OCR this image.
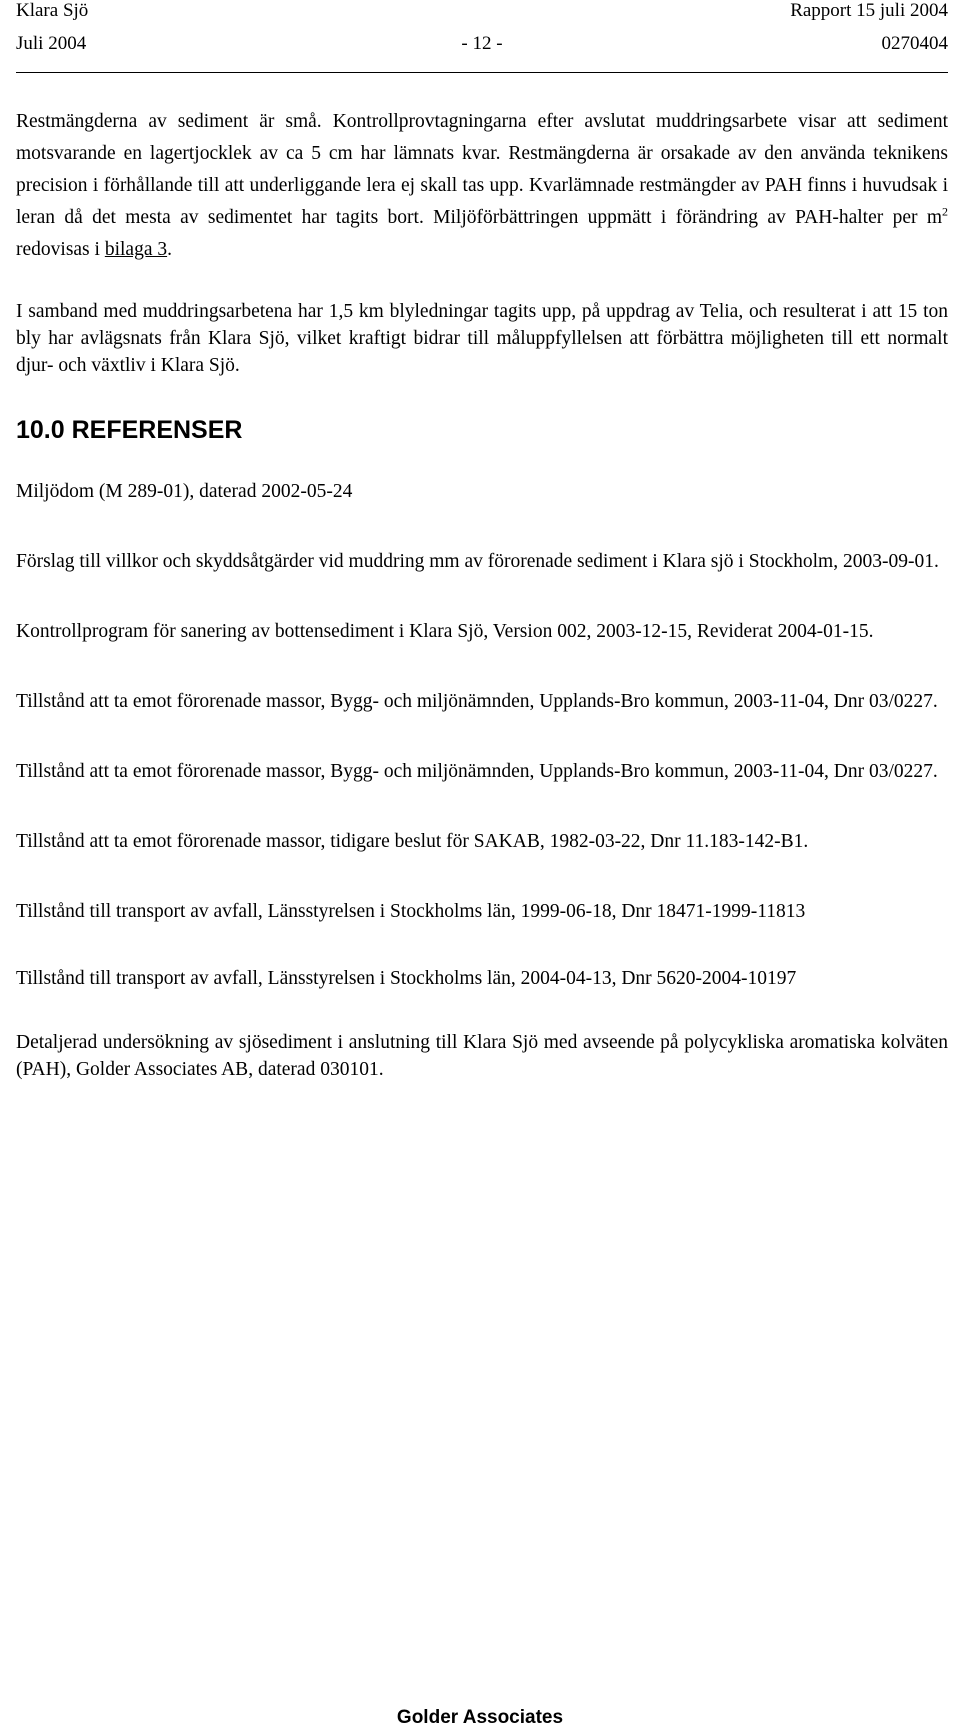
Klara Sjö	Rapport 15 juli 2004
Juli 2004	- 12 -	0270404

Restmängderna av sediment är små. Kontrollprovtagningarna efter avslutat muddringsarbete visar att sediment motsvarande en lagertjocklek av ca 5 cm har lämnats kvar. Restmängderna är orsakade av den använda teknikens precision i förhållande till att underliggande lera ej skall tas upp. Kvarlämnade restmängder av PAH finns i huvudsak i leran då det mesta av sedimentet har tagits bort. Miljöförbättringen uppmätt i förändring av PAH-halter per $m^2$ redovisas i bilaga 3.

I samband med muddringsarbetena har 1,5 km blyledningar tagits upp, på uppdrag av Telia, och resulterat i att 15 ton bly har avlägsnats från Klara Sjö, vilket kraftigt bidrar till måluppfyllelsen att förbättra möjligheten till ett normalt djur- och växtliv i Klara Sjö.

10.0 REFERENSER

Miljödom (M 289-01), daterad 2002-05-24

Förslag till villkor och skyddsåtgärder vid muddring mm av förorenade sediment i Klara sjö i Stockholm, 2003-09-01.

Kontrollprogram för sanering av bottensediment i Klara Sjö, Version 002, 2003-12-15, Reviderat 2004-01-15.

Tillstånd att ta emot förorenade massor, Bygg- och miljönämnden, Upplands-Bro kommun, 2003-11-04, Dnr 03/0227.

Tillstånd att ta emot förorenade massor, Bygg- och miljönämnden, Upplands-Bro kommun, 2003-11-04, Dnr 03/0227.

Tillstånd att ta emot förorenade massor, tidigare beslut för SAKAB, 1982-03-22, Dnr 11.183-142-B1.

Tillstånd till transport av avfall, Länsstyrelsen i Stockholms län, 1999-06-18, Dnr 18471-1999-11813

Tillstånd till transport av avfall, Länsstyrelsen i Stockholms län, 2004-04-13, Dnr 5620-2004-10197

Detaljerad undersökning av sjösediment i anslutning till Klara Sjö med avseende på polycykliska aromatiska kolväten (PAH), Golder Associates AB, daterad 030101.

Golder Associates
